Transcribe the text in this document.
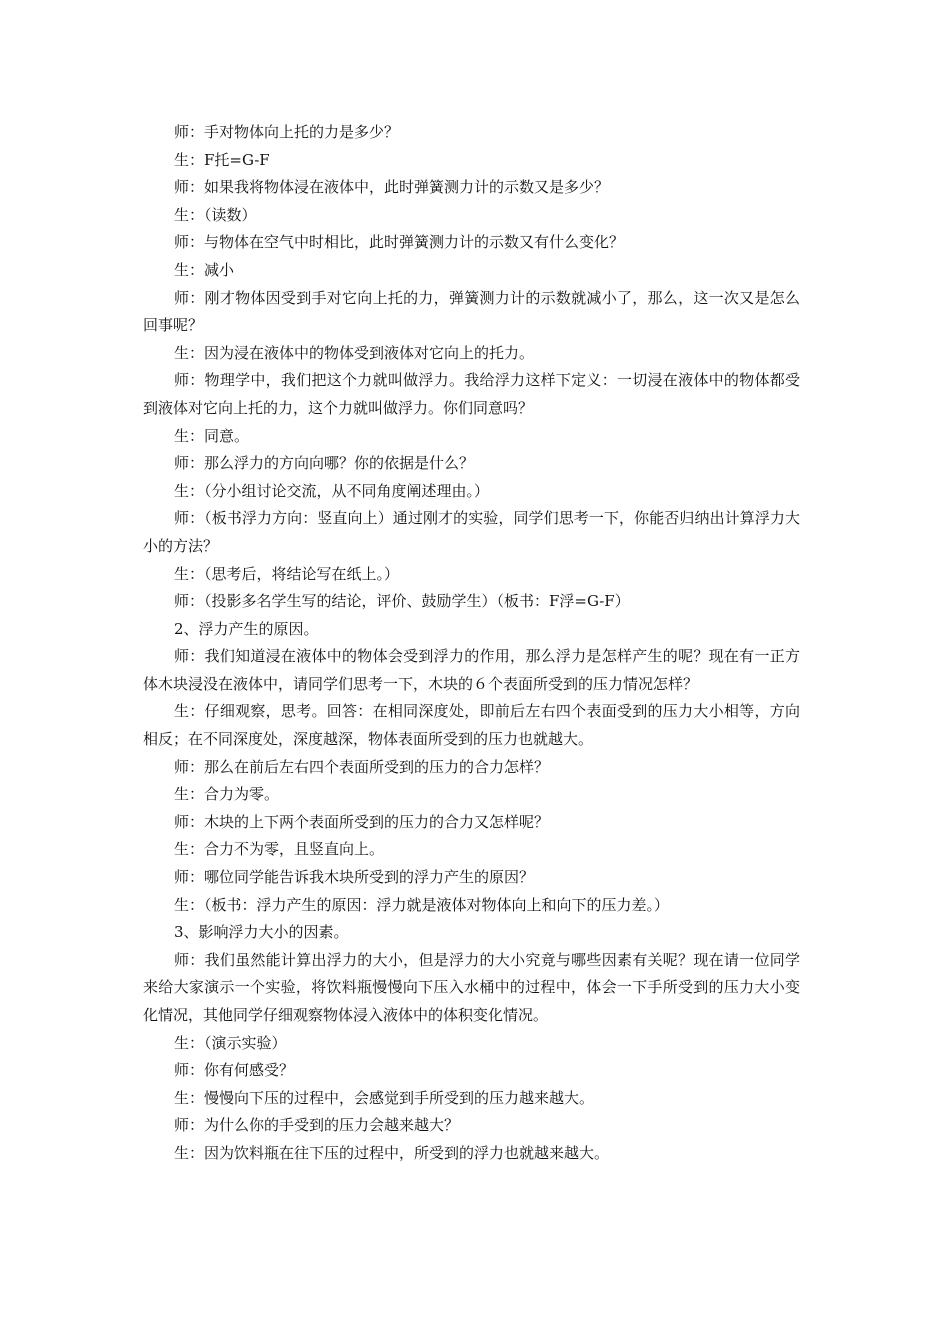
师：手对物体向上托的力是多少？

生：F托=G-F

师：如果我将物体浸在液体中，此时弹簧测力计的示数又是多少？

生：（读数）

师：与物体在空气中时相比，此时弹簧测力计的示数又有什么变化？

生：减小

师：刚才物体因受到手对它向上托的力，弹簧测力计的示数就减小了，那么，这一次又是怎么回事呢？

生：因为浸在液体中的物体受到液体对它向上的托力。

师：物理学中，我们把这个力就叫做浮力。我给浮力这样下定义：一切浸在液体中的物体都受到液体对它向上托的力，这个力就叫做浮力。你们同意吗？

生：同意。

师：那么浮力的方向向哪？你的依据是什么？

生：（分小组讨论交流，从不同角度阐述理由。）

师：（板书浮力方向：竖直向上）通过刚才的实验，同学们思考一下，你能否归纳出计算浮力大小的方法？

生：（思考后，将结论写在纸上。）

师：（投影多名学生写的结论，评价、鼓励学生）（板书：F浮=G-F）

2、浮力产生的原因。

师：我们知道浸在液体中的物体会受到浮力的作用，那么浮力是怎样产生的呢？现在有一正方体木块浸没在液体中，请同学们思考一下，木块的６个表面所受到的压力情况怎样？

生：仔细观察，思考。回答：在相同深度处，即前后左右四个表面受到的压力大小相等，方向相反；在不同深度处，深度越深，物体表面所受到的压力也就越大。

师：那么在前后左右四个表面所受到的压力的合力怎样？

生：合力为零。

师：木块的上下两个表面所受到的压力的合力又怎样呢？

生：合力不为零，且竖直向上。

师：哪位同学能告诉我木块所受到的浮力产生的原因？

生：（板书：浮力产生的原因：浮力就是液体对物体向上和向下的压力差。）

3、影响浮力大小的因素。

师：我们虽然能计算出浮力的大小，但是浮力的大小究竟与哪些因素有关呢？现在请一位同学来给大家演示一个实验，将饮料瓶慢慢向下压入水桶中的过程中，体会一下手所受到的压力大小变化情况，其他同学仔细观察物体浸入液体中的体积变化情况。

生：（演示实验）

师：你有何感受？

生：慢慢向下压的过程中，会感觉到手所受到的压力越来越大。

师：为什么你的手受到的压力会越来越大？

生：因为饮料瓶在往下压的过程中，所受到的浮力也就越来越大。
